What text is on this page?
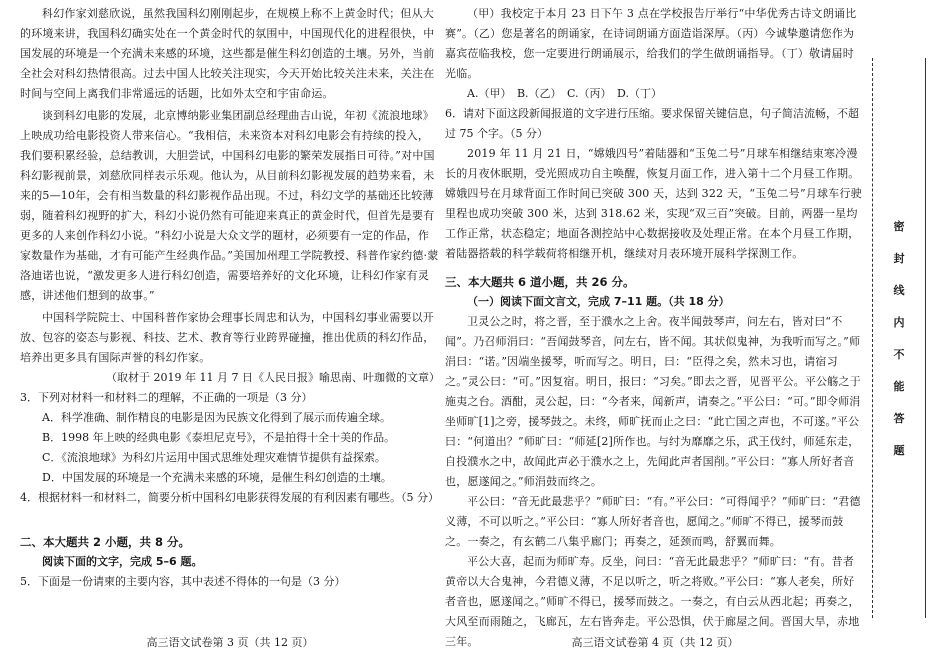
科幻作家刘慈欣说，虽然我国科幻刚刚起步，在规模上称不上黄金时代；但从大的环境来讲，我国科幻确实处在一个黄金时代的氛围中，中国现代化的进程很快，中国发展的环境是一个充满未来感的环境，这些都是催生科幻创造的土壤。另外，当前全社会对科幻热情很高。过去中国人比较关注现实，今天开始比较关注未来，关注在时间与空间上离我们非常遥远的话题，比如外太空和宇宙命运。

谈到科幻电影的发展，北京博纳影业集团副总经理曲吉山说，年初《流浪地球》上映成功给电影投资人带来信心。“我相信，未来资本对科幻电影会有持续的投入，我们要积累经验，总结教训，大胆尝试，中国科幻电影的繁荣发展指日可待。”对中国科幻影视前景，刘慈欣同样表示乐观。他认为，从目前科幻影视发展的趋势来看，未来的5—10年，会有相当数量的科幻影视作品出现。不过，科幻文学的基础还比较薄弱，随着科幻视野的扩大，科幻小说仍然有可能迎来真正的黄金时代，但首先是要有更多的人来创作科幻小说。“科幻小说是大众文学的题材，必须要有一定的作品，作家数量作为基础，才有可能产生经典作品。”美国加州理工学院教授、科普作家约德·蒙洛迪诺也说，“激发更多人进行科幻创造，需要培养好的文化环境，让科幻作家有灵感，讲述他们想到的故事。”

中国科学院院士、中国科普作家协会理事长周忠和认为，中国科幻事业需要以开放、包容的姿态与影视、科技、艺术、教育等行业跨界碰撞，推出优质的科幻作品，培养出更多具有国际声誉的科幻作家。

（取材于 2019 年 11 月 7 日《人民日报》喻思南、叶珈微的文章）

3．下列对材料一和材料二的理解，不正确的一项是（3 分）

A．科学准确、制作精良的电影是因为民族文化得到了展示而传遍全球。

B．1998 年上映的经典电影《泰坦尼克号》，不是拍得十全十美的作品。

C．《流浪地球》为科幻片运用中国式思维处理灾难情节提供有益探索。

D．中国发展的环境是一个充满未来感的环境，是催生科幻创造的土壤。

4．根据材料一和材料二，简要分析中国科幻电影获得发展的有利因素有哪些。（5 分）

二、本大题共 2 小题，共 8 分。

阅读下面的文字，完成 5–6 题。

5．下面是一份请柬的主要内容，其中表述不得体的一句是（3 分）

高三语文试卷第 3 页（共 12 页）

（甲）我校定于本月 23 日下午 3 点在学校报告厅举行“中华优秀古诗文朗诵比赛”。（乙）您是著名的朗诵家，在诗词朗诵方面造诣深厚。（丙）今诚挚邀请您作为嘉宾莅临我校，您一定要进行朗诵展示，给我们的学生做朗诵指导。（丁）敬请届时光临。

A.（甲）　B.（乙）　C.（丙）　D.（丁）

6．请对下面这段新闻报道的文字进行压缩。要求保留关键信息，句子简洁流畅，不超过 75 个字。（5 分）

2019 年 11 月 21 日，“嫦娥四号”着陆器和“玉兔二号”月球车相继结束寒冷漫长的月夜休眠期，受光照成功自主唤醒，恢复月面工作，进入第十二个月昼工作期。嫦娥四号在月球背面工作时间已突破 300 天，达到 322 天，“玉兔二号”月球车行驶里程也成功突破 300 米，达到 318.62 米，实现“双三百”突破。目前，两器一星均工作正常，状态稳定；地面各测控站中心数据接收及处理正常。在本个月昼工作期，着陆器搭载的科学载荷将相继开机，继续对月表环境开展科学探测工作。

三、本大题共 6 道小题，共 26 分。

（一）阅读下面文言文，完成 7–11 题。（共 18 分）

卫灵公之时，将之晋，至于濮水之上舍。夜半闻鼓琴声，问左右，皆对曰“不闻”。乃召师涓曰：“吾闻鼓琴音，问左右，皆不闻。其状似鬼神，为我听而写之。”师涓曰：“诺。”因端坐援琴，听而写之。明日，曰：“臣得之矣，然未习也，请宿习之。”灵公曰：“可。”因复宿。明日，报曰：“习矣。”即去之晋，见晋平公。平公觞之于施夷之台。酒酣，灵公起，曰：“今者来，闻新声，请奏之。”平公曰：“可。”即令师涓坐师旷[1]之旁，援琴鼓之。未终，师旷抚而止之曰：“此亡国之声也，不可遂。”平公曰：“何道出？”师旷曰：“师延[2]所作也。与纣为靡靡之乐，武王伐纣，师延东走，自投濮水之中，故闻此声必于濮水之上，先闻此声者国削。”平公曰：“寡人所好者音也，愿遂闻之。”师涓鼓而终之。

平公曰：“音无此最悲乎？”师旷曰：“有。”平公曰：“可得闻乎？”师旷曰：“君德义薄，不可以听之。”平公曰：“寡人所好者音也，愿闻之。”师旷不得已，援琴而鼓之。一奏之，有玄鹤二八集乎廊门；再奏之，延颈而鸣，舒翼而舞。

平公大喜，起而为师旷寿。反坐，问曰：“音无此最悲乎？”师旷曰：“有。昔者黄帝以大合鬼神，今君德义薄，不足以听之，听之将败。”平公曰：“寡人老矣，所好者音也，愿遂闻之。”师旷不得已，援琴而鼓之。一奏之，有白云从西北起；再奏之，大风至而雨随之，飞廊瓦，左右皆奔走。平公恐惧，伏于廊屋之间。晋国大旱，赤地三年。	高三语文试卷第 4 页（共 12 页）
密
封
线
内
不
能
答
题
